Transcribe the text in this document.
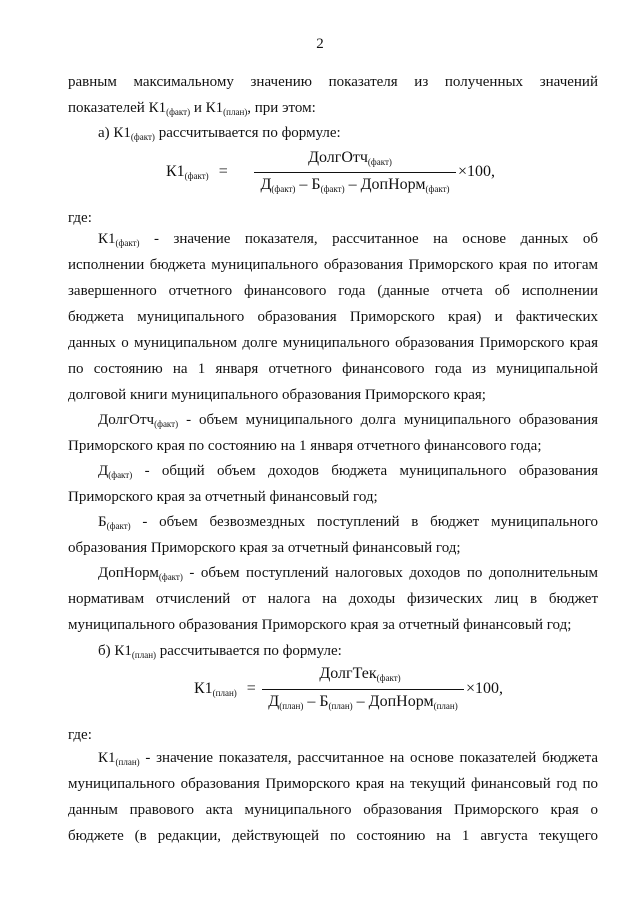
2
равным максимальному значению показателя из полученных значений
показателей $К1_{(факт)}$ и $К1_{(план)}$, при этом:
а) $К1_{(факт)}$ рассчитывается по формуле:
$К1_{(факт)}$ =
ДолгОтч$_{(факт)}$
$Д_{(факт)} - Б_{(факт)}$ – ДопНорм$_{(факт)}$
×100,
где:
$К1_{(факт)}$ - значение показателя, рассчитанное на основе данных об
исполнении бюджета муниципального образования Приморского края по итогам
завершенного отчетного финансового года (данные отчета об исполнении
бюджета муниципального образования Приморского края) и фактических
данных о муниципальном долге муниципального образования Приморского края
по состоянию на 1 января отчетного финансового года из муниципальной
долговой книги муниципального образования Приморского края;
ДолгОтч$_{(факт)}$ - объем муниципального долга муниципального образования
Приморского края по состоянию на 1 января отчетного финансового года;
$Д_{(факт)}$ - общий объем доходов бюджета муниципального образования
Приморского края за отчетный финансовый год;
$Б_{(факт)}$ - объем безвозмездных поступлений в бюджет муниципального
образования Приморского края за отчетный финансовый год;
ДопНорм$_{(факт)}$ - объем поступлений налоговых доходов по дополнительным
нормативам отчислений от налога на доходы физических лиц в бюджет
муниципального образования Приморского края за отчетный финансовый год;
б) $К1_{(план)}$ рассчитывается по формуле:
$К1_{(план)}$ =
ДолгТек$_{(факт)}$
$Д_{(план)} - Б_{(план)}$ – ДопНорм$_{(план)}$
×100,
где:
$К1_{(план)}$ - значение показателя, рассчитанное на основе показателей бюджета
муниципального образования Приморского края на текущий финансовый год по
данным правового акта муниципального образования Приморского края о
бюджете (в редакции, действующей по состоянию на 1 августа текущего
